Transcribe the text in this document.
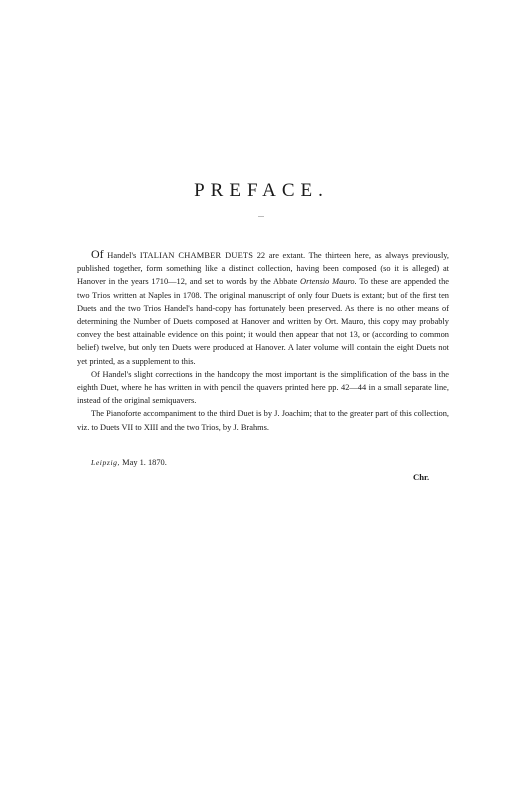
PREFACE.

Of Handel's ITALIAN CHAMBER DUETS 22 are extant. The thirteen here, as always previously, published together, form something like a distinct collection, having been composed (so it is alleged) at Hanover in the years 1710—12, and set to words by the Abbate Ortensio Mauro. To these are appended the two Trios written at Naples in 1708. The original manuscript of only four Duets is extant; but of the first ten Duets and the two Trios Handel's hand-copy has fortunately been preserved. As there is no other means of determining the Number of Duets composed at Hanover and written by Ort. Mauro, this copy may probably convey the best attainable evidence on this point; it would then appear that not 13, or (according to common belief) twelve, but only ten Duets were produced at Hanover. A later volume will contain the eight Duets not yet printed, as a supplement to this.

Of Handel's slight corrections in the handcopy the most important is the simplification of the bass in the eighth Duet, where he has written in with pencil the quavers printed here pp. 42—44 in a small separate line, instead of the original semiquavers.

The Pianoforte accompaniment to the third Duet is by J. Joachim; that to the greater part of this collection, viz. to Duets VII to XIII and the two Trios, by J. Brahms.

Leipzig, May 1. 1870.
Chr.
